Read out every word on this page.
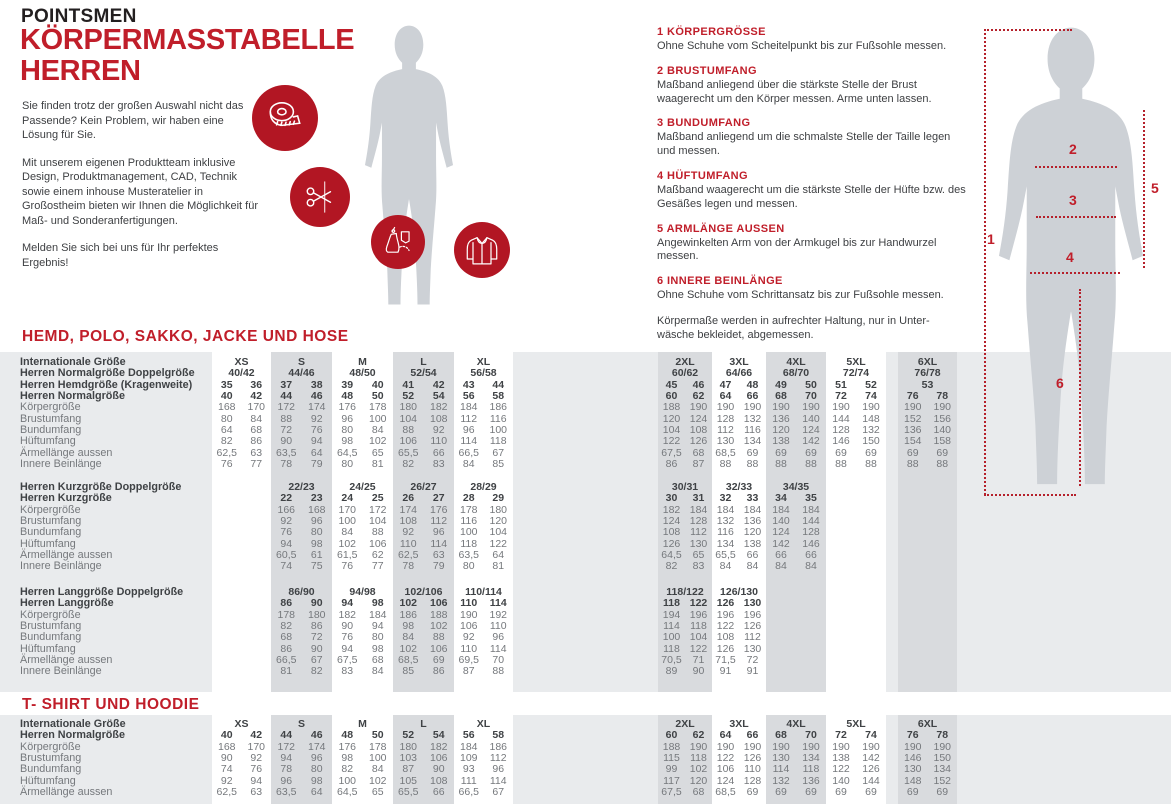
POINTSMEN
KÖRPERMASSTABELLE
HERREN

Sie finden trotz der großen Auswahl nicht das Passende? Kein Problem, wir haben eine Lösung für Sie.

Mit unserem eigenen Produktteam inklusive Design, Produktmanagement, CAD, Technik sowie einem inhouse Musteratelier in Großostheim bieten wir Ihnen die Möglichkeit für Maß- und Sonderanfertigungen.

Melden Sie sich bei uns für Ihr perfektes Ergebnis!

1 KÖRPERGRÖSSE
Ohne Schuhe vom Scheitelpunkt bis zur Fußsohle messen.
2 BRUSTUMFANG
Maßband anliegend über die stärkste Stelle der Brust waagerecht um den Körper messen. Arme unten lassen.
3 BUNDUMFANG
Maßband anliegend um die schmalste Stelle der Taille legen und messen.
4 HÜFTUMFANG
Maßband waagerecht um die stärkste Stelle der Hüfte bzw. des Gesäßes legen und messen.
5 ARMLÄNGE AUSSEN
Angewinkelten Arm von der Armkugel bis zur Handwurzel messen.
6 INNERE BEINLÄNGE
Ohne Schuhe vom Schrittansatz bis zur Fußsohle messen.
Körpermaße werden in aufrechter Haltung, nur in Unterwäsche bekleidet, abgemessen.
1
2
3
4
5
6
HEMD, POLO, SAKKO, JACKE UND HOSE
Internationale Größe	XS	S	M	L	XL	2XL	3XL	4XL	5XL	6XL
Herren Normalgröße Doppelgröße	40/42	44/46	48/50	52/54	56/58	60/62	64/66	68/70	72/74	76/78
Herren Hemdgröße (Kragenweite)	35	36	37	38	39	40	41	42	43	44	45	46	47	48	49	50	51	52	53
Herren Normalgröße	40	42	44	46	48	50	52	54	56	58	60	62	64	66	68	70	72	74	76	78
Körpergröße	168	170	172	174	176	178	180	182	184	186	188 190 190 190	190	190	190	190	190	190
Brustumfang	80	84	88	92	96	100	104	108	112	116	120 124 128 132	136	140	144	148	152	156
Bundumfang	64	68	72	76	80	84	88	92	96	100	104 108 112 116	120	124	128	132	136	140
Hüftumfang	82	86	90	94	98	102	106	110	114	118	122 126 130 134	138	142	146	150	154	158
Ärmellänge aussen	62,5	63	63,5	64	64,5	65	65,5	66	66,5	67	67,5	68	68,5	69	69	69	69	69	69	69
Innere Beinlänge	76	77	78	79	80	81	82	83	84	85	86	87	88	88	88	88	88	88	88	88
Herren Kurzgröße Doppelgröße	22/23	24/25	26/27	28/29	30/31	32/33	34/35
Herren Kurzgröße	22	23	24	25	26	27	28	29	30	31	32	33	34	35
Körpergröße	166	168	170	172	174	176	178	180	182 184 184 184	184	184
Brustumfang	92	96	100	104	108	112	116	120	124 128 132 136	140	144
Bundumfang	76	80	84	88	92	96	100	104	108 112 116 120	124	128
Hüftumfang	94	98	102	106	110	114	118	122	126 130 134 138	142	146
Ärmellänge aussen	60,5	61	61,5	62	62,5	63	63,5	64	64,5	65	65,5	66	66	66
Innere Beinlänge	74	75	76	77	78	79	80	81	82	83	84	84	84	84
Herren Langgröße Doppelgröße	86/90	94/98	102/106	110/114	118/122	126/130
Herren Langgröße	86	90	94	98	102	106	110	114	118 122 126 130
Körpergröße	178	180	182	184	186	188	190	192	194 196 196 196
Brustumfang	82	86	90	94	98	102	106	110	114 118 122 126
Bundumfang	68	72	76	80	84	88	92	96	100 104 108 112
Hüftumfang	86	90	94	98	102	106	110	114	118 122 126 130
Ärmellänge aussen	66,5	67	67,5	68	68,5	69	69,5	70	70,5	71	71,5	72
Innere Beinlänge	81	82	83	84	85	86	87	88	89	90	91	91
T- SHIRT UND HOODIE
Internationale Größe	XS	S	M	L	XL	2XL	3XL	4XL	5XL	6XL
Herren Normalgröße	40	42	44	46	48	50	52	54	56	58	60	62	64	66	68	70	72	74	76	78
Körpergröße	168	170	172	174	176	178	180	182	184	186	188 190 190 190	190	190	190	190	190	190
Brustumfang	90	92	94	96	98	100	103	106	109	112	115 118 122 126	130	134	138	142	146	150
Bundumfang	74	76	78	80	82	84	87	90	93	96	99	102 106 110	114	118	122	126	130	134
Hüftumfang	92	94	96	98	100	102	105	108	111	114	117 120 124 128	132	136	140	144	148	152
Ärmellänge aussen	62,5	63	63,5	64	64,5	65	65,5	66	66,5	67	67,5	68	68,5	69	69	69	69	69	69	69
